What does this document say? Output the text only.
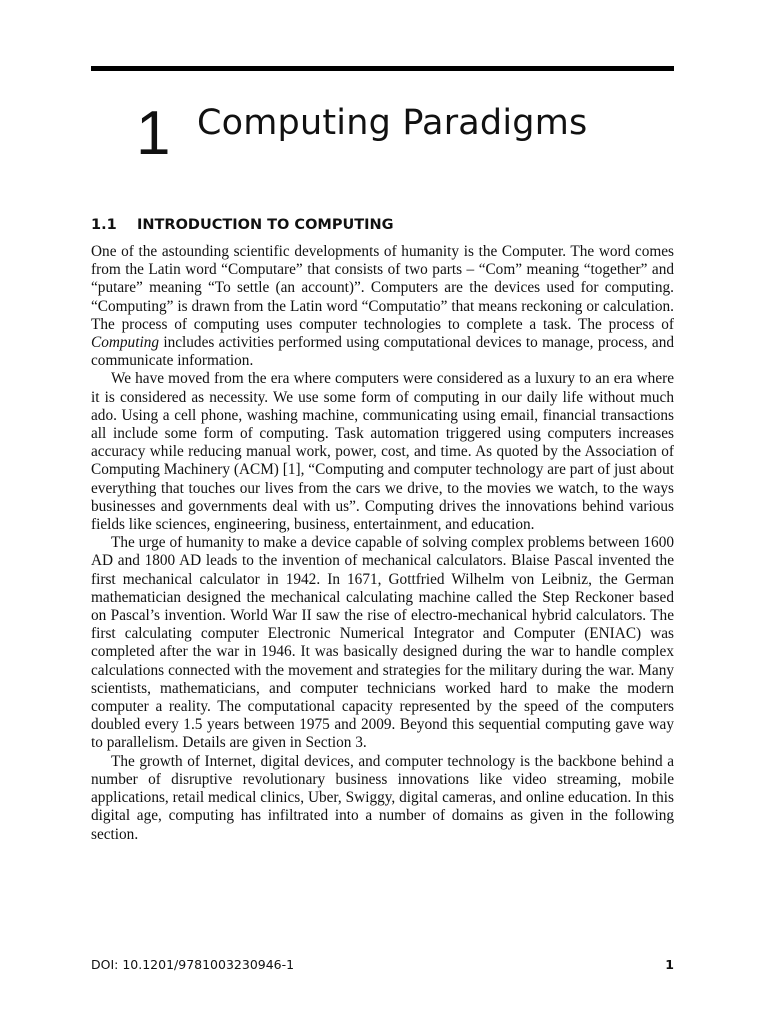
1 Computing Paradigms
1.1 INTRODUCTION TO COMPUTING

One of the astounding scientific developments of humanity is the Computer. The word comes from the Latin word “Computare” that consists of two parts – “Com” meaning “together” and “putare” meaning “To settle (an account)”. Computers are the devices used for computing. “Computing” is drawn from the Latin word “Computatio” that means reckoning or calculation. The process of computing uses computer technologies to complete a task. The process of Computing includes activities performed using computational devices to manage, process, and communicate information.

We have moved from the era where computers were considered as a luxury to an era where it is considered as necessity. We use some form of computing in our daily life without much ado. Using a cell phone, washing machine, communicating using email, financial transactions all include some form of computing. Task automation triggered using computers increases accuracy while reducing manual work, power, cost, and time. As quoted by the Association of Computing Machinery (ACM) [1], “Computing and computer technology are part of just about everything that touches our lives from the cars we drive, to the movies we watch, to the ways businesses and governments deal with us”. Computing drives the innovations behind various fields like sciences, engineering, business, entertainment, and education.

The urge of humanity to make a device capable of solving complex problems between 1600 AD and 1800 AD leads to the invention of mechanical calculators. Blaise Pascal invented the first mechanical calculator in 1942. In 1671, Gottfried Wilhelm von Leibniz, the German mathematician designed the mechanical calculating machine called the Step Reckoner based on Pascal’s invention. World War II saw the rise of electro-mechanical hybrid calculators. The first calculating computer Electronic Numerical Integrator and Computer (ENIAC) was completed after the war in 1946. It was basically designed during the war to handle complex calculations connected with the movement and strategies for the military during the war. Many scientists, mathematicians, and computer technicians worked hard to make the modern computer a reality. The computational capacity represented by the speed of the computers doubled every 1.5 years between 1975 and 2009. Beyond this sequential computing gave way to parallelism. Details are given in Section 3.

The growth of Internet, digital devices, and computer technology is the backbone behind a number of disruptive revolutionary business innovations like video streaming, mobile applications, retail medical clinics, Uber, Swiggy, digital cameras, and online education. In this digital age, computing has infiltrated into a number of domains as given in the following section.

DOI: 10.1201/9781003230946-1	1
